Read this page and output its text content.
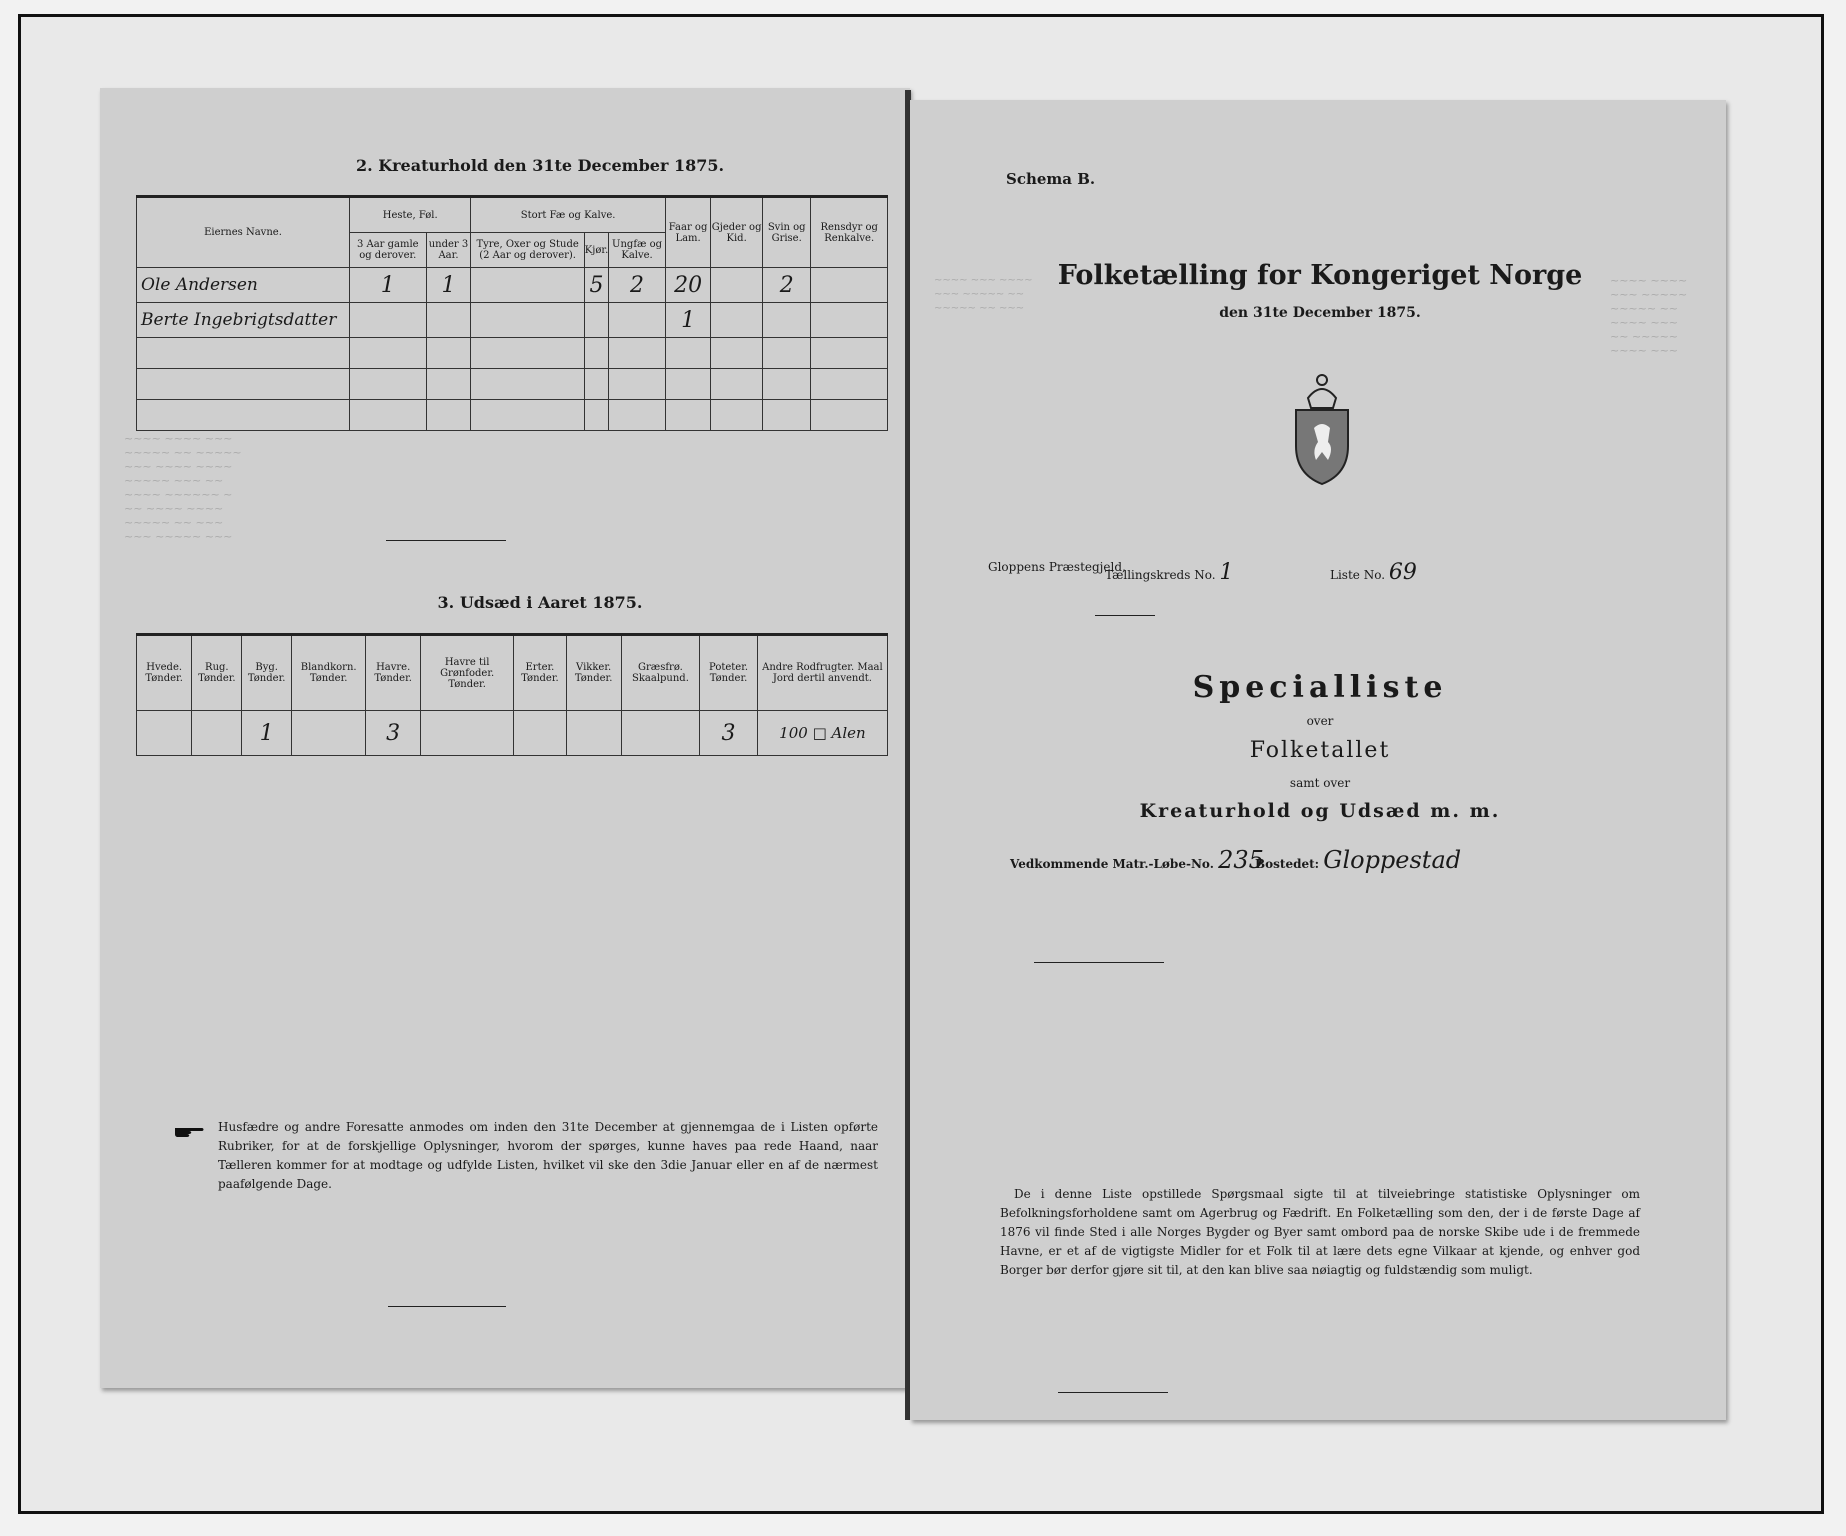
~~~~ ~~~~ ~~~
~~~~~ ~~ ~~~~~
~~~ ~~~~ ~~~~
~~~~~ ~~~ ~~
~~~~ ~~~~~~ ~
~~ ~~~~ ~~~~
~~~~~ ~~ ~~~
~~~ ~~~~~ ~~~

2. Kreaturhold den 31te December 1875.
Eiernes Navne.	Heste, Føl.		Stort Fæ og Kalve.			Faar og Lam.	Gjeder og Kid.	Svin og Grise.	Rensdyr og Renkalve.
	3 Aar gamle og derover.	under 3 Aar.	Tyre, Oxer og Stude (2 Aar og derover).	Kjør.	Ungfæ og Kalve.				
Ole Andersen	1	1		5	2	20		2	
Berte Ingebrigtsdatter						1			

3. Udsæd i Aaret 1875.
Hvede. Tønder.	Rug. Tønder.	Byg. Tønder.	Blandkorn. Tønder.	Havre. Tønder.	Havre til Grønfoder. Tønder.	Erter. Tønder.	Vikker. Tønder.	Græsfrø. Skaalpund.	Poteter. Tønder.	Andre Rodfrugter. Maal Jord dertil anvendt.
		1		3					3	100 □ Alen
Husfædre og andre Foresatte anmodes om inden den 31te December at gjennemgaa de i Listen opførte Rubriker, for at de forskjellige Oplysninger, hvorom der spørges, kunne haves paa rede Haand, naar Tælleren kommer for at modtage og udfylde Listen, hvilket vil ske den 3die Januar eller en af de nærmest paafølgende Dage.

~~~~ ~~~ ~~~~
~~~ ~~~~~ ~~
~~~~~ ~~ ~~~

~~~~ ~~~~
~~~ ~~~~~
~~~~~ ~~
~~~~ ~~~
~~ ~~~~~
~~~~ ~~~

Schema B.
Folketælling for Kongeriget Norge
den 31te December 1875.
Gloppens Præstegjeld,
Tællingskreds No. 1	Liste No. 69
Specialliste
over
Folketallet
samt over
Kreaturhold og Udsæd m. m.
Vedkommende Matr.-Løbe-No. 235
Bostedet: Gloppestad
De i denne Liste opstillede Spørgsmaal sigte til at tilveiebringe statistiske Oplysninger om Befolkningsforholdene samt om Agerbrug og Fædrift. En Folketælling som den, der i de første Dage af 1876 vil finde Sted i alle Norges Bygder og Byer samt ombord paa de norske Skibe ude i de fremmede Havne, er et af de vigtigste Midler for et Folk til at lære dets egne Vilkaar at kjende, og enhver god Borger bør derfor gjøre sit til, at den kan blive saa nøiagtig og fuldstændig som muligt.
